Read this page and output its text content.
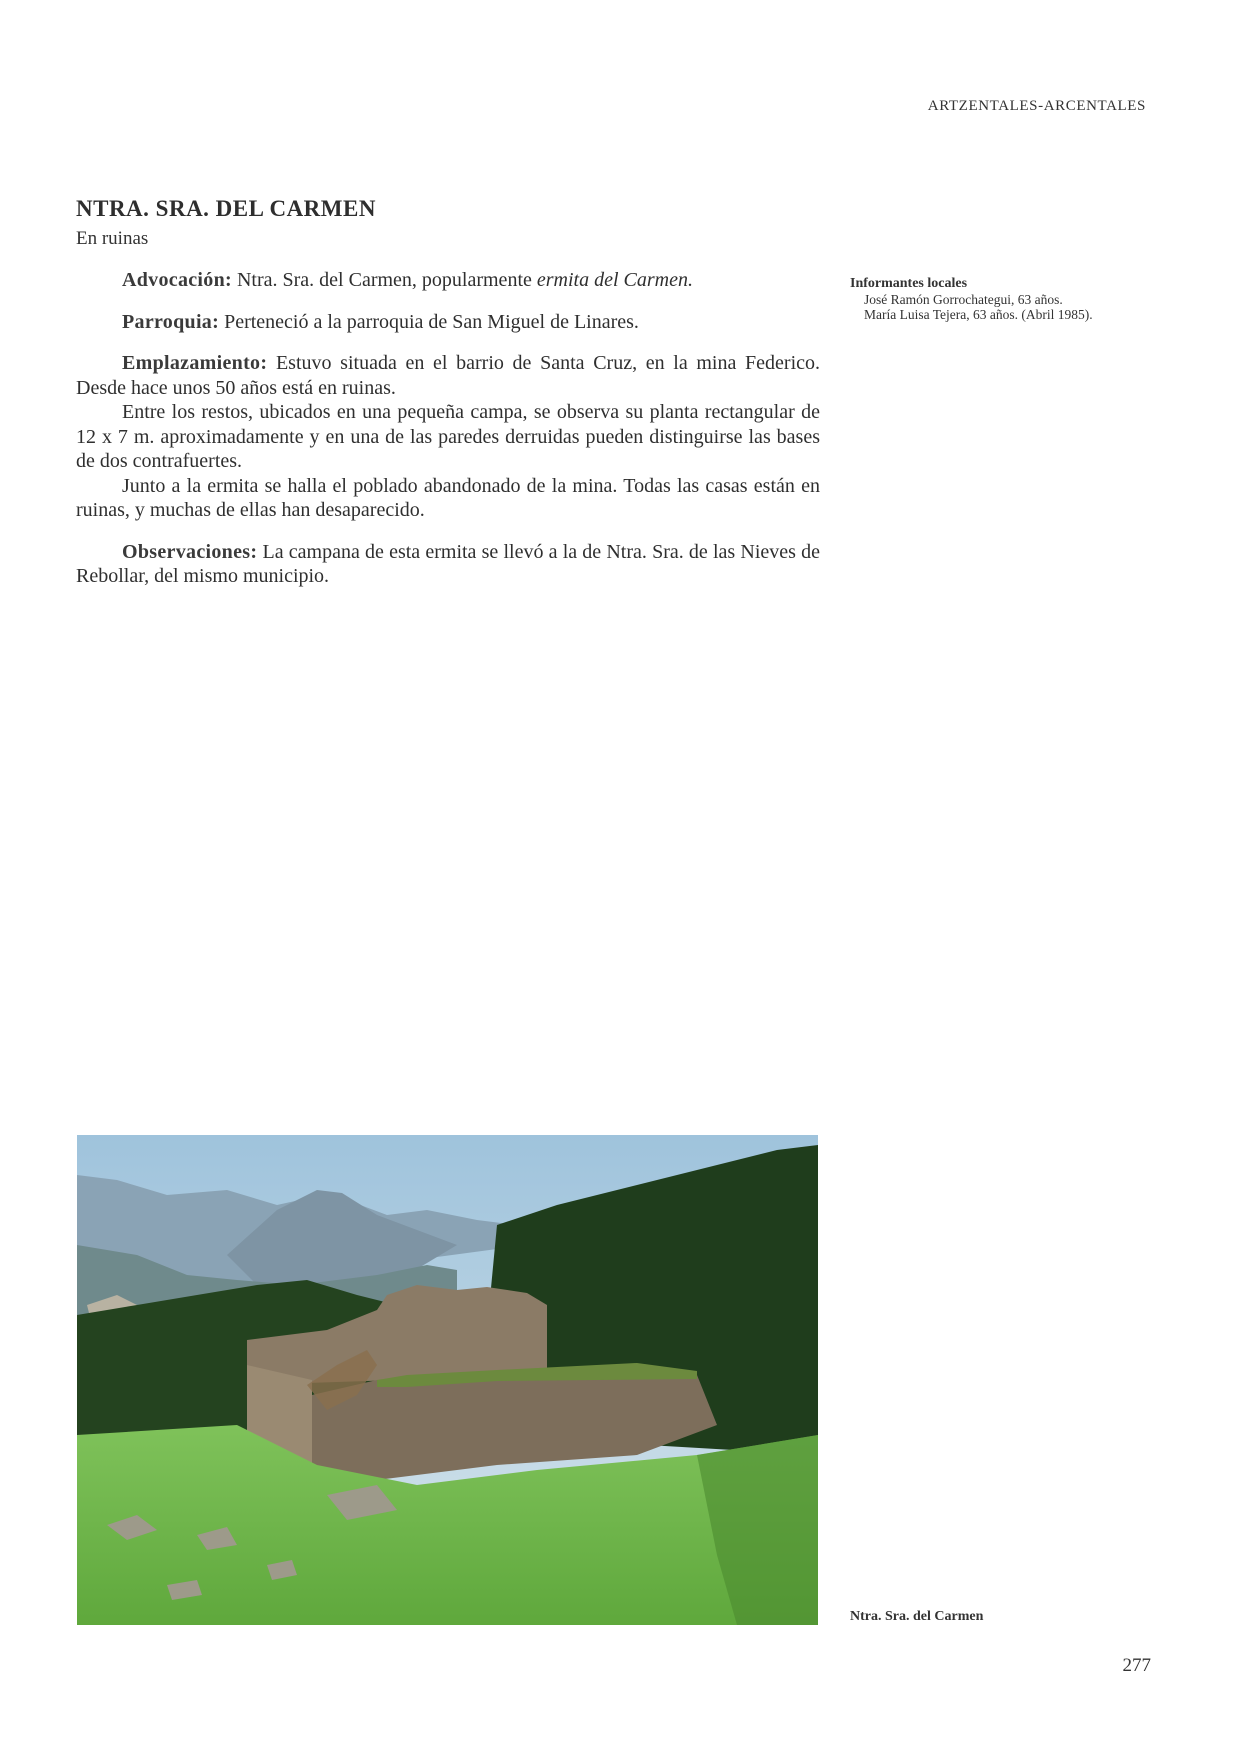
ARTZENTALES-ARCENTALES
NTRA. SRA. DEL CARMEN
En ruinas

Advocación: Ntra. Sra. del Carmen, popularmente ermita del Carmen.

Parroquia: Perteneció a la parroquia de San Miguel de Linares.

Emplazamiento: Estuvo situada en el barrio de Santa Cruz, en la mina Federico. Desde hace unos 50 años está en ruinas.

Entre los restos, ubicados en una pequeña campa, se observa su planta rectangular de 12 x 7 m. aproximadamente y en una de las paredes derruidas pueden distinguirse las bases de dos contrafuertes.

Junto a la ermita se halla el poblado abandonado de la mina. Todas las casas están en ruinas, y muchas de ellas han desaparecido.

Observaciones: La campana de esta ermita se llevó a la de Ntra. Sra. de las Nieves de Rebollar, del mismo municipio.

Informantes locales
José Ramón Gorrochategui, 63 años.
María Luisa Tejera, 63 años. (Abril 1985).
Ntra. Sra. del Carmen
277
